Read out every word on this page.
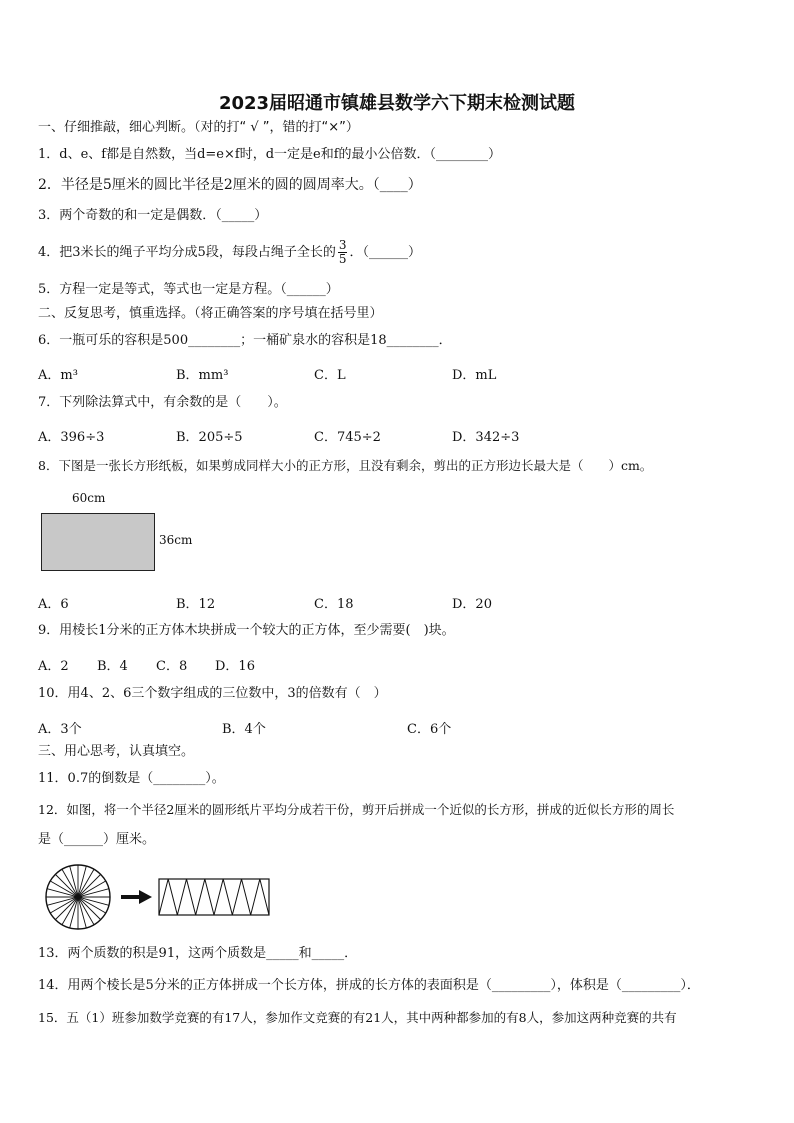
2023届昭通市镇雄县数学六下期末检测试题
一、仔细推敲，细心判断。（对的打“ √ ”，错的打“×”）
1．d、e、f都是自然数，当d=e×f时，d一定是e和f的最小公倍数．（________）
2．半径是5厘米的圆比半径是2厘米的圆的圆周率大。（____）
3．两个奇数的和一定是偶数．（_____）
4．把3米长的绳子平均分成5段，每段占绳子全长的 $\frac{3}{5}$ ．（______）
5．方程一定是等式，等式也一定是方程。（______）
二、反复思考，慎重选择。（将正确答案的序号填在括号里）
6．一瓶可乐的容积是500________；一桶矿泉水的容积是18________．
A．m³	B．mm³	C．L	D．mL
7．下列除法算式中，有余数的是（　　）。
A．396÷3	B．205÷5	C．745÷2	D．342÷3
8．下图是一张长方形纸板，如果剪成同样大小的正方形，且没有剩余，剪出的正方形边长最大是（　　）cm。
60cm
36cm
A．6	B．12	C．18	D．20
9．用棱长1分米的正方体木块拼成一个较大的正方体，至少需要(　)块。
A．2 B．4 C．8 D．16
10．用4、2、6三个数字组成的三位数中，3的倍数有（　）
A．3个	B．4个	C．6个
三、用心思考，认真填空。
11．0.7的倒数是（________）。
12．如图，将一个半径2厘米的圆形纸片平均分成若干份，剪开后拼成一个近似的长方形，拼成的近似长方形的周长
是（______）厘米。
13．两个质数的积是91，这两个质数是_____和_____．
14．用两个棱长是5分米的正方体拼成一个长方体，拼成的长方体的表面积是（_________），体积是（_________）．
15．五（1）班参加数学竞赛的有17人，参加作文竞赛的有21人，其中两种都参加的有8人，参加这两种竞赛的共有
